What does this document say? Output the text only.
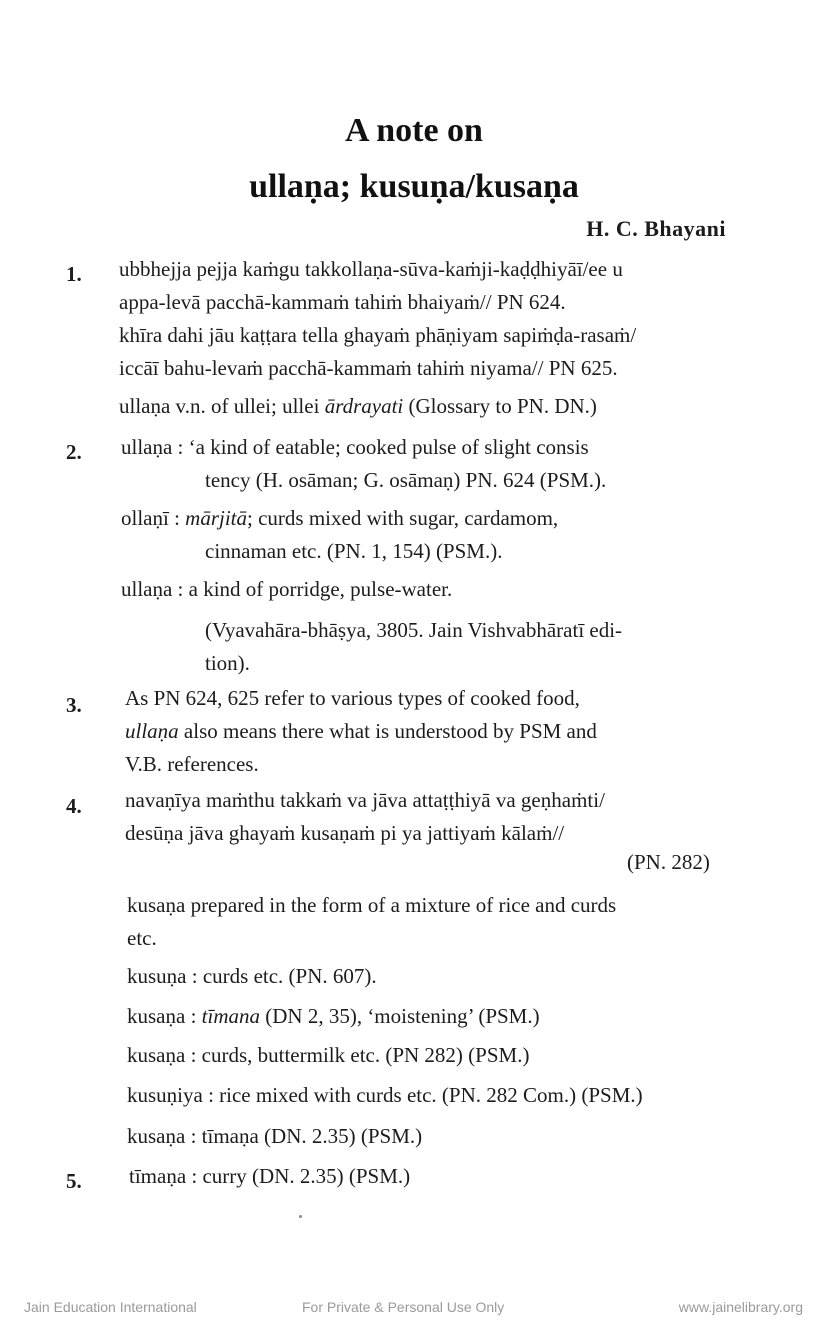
A note on
ullaṇa; kusuṇa/kusaṇa
H. C. Bhayani
1. ubbhejja pejja kaṁgu takkollaṇa-sūva-kaṁji-kaḍḍhiyāī/ee u
appa-levā pacchā-kammaṁ tahiṁ bhaiyaṁ// PN 624.
khīra dahi jāu kaṭṭara tella ghayaṁ phāṇiyam sapiṁḍa-rasaṁ/
iccāī bahu-levaṁ pacchā-kammaṁ tahiṁ niyama// PN 625.
ullaṇa v.n. of ullei; ullei ārdrayati (Glossary to PN. DN.)
2. ullaṇa : ‘a kind of eatable; cooked pulse of slight consis
tency (H. osāman; G. osāmaṇ) PN. 624 (PSM.).
ollaṇī : mārjitā; curds mixed with sugar, cardamom,
cinnaman etc. (PN. 1, 154) (PSM.).
ullaṇa : a kind of porridge, pulse-water.
(Vyavahāra-bhāṣya, 3805. Jain Vishvabhāratī edi-
tion).
3. As PN 624, 625 refer to various types of cooked food,
ullaṇa also means there what is understood by PSM and
V.B. references.
4. navaṇīya maṁthu takkaṁ va jāva attaṭṭhiyā va geṇhaṁti/
desūṇa jāva ghayaṁ kusaṇaṁ pi ya jattiyaṁ kālaṁ//
(PN. 282)
kusaṇa prepared in the form of a mixture of rice and curds
etc.
kusuṇa : curds etc. (PN. 607).
kusaṇa : tīmana (DN 2, 35), ‘moistening’ (PSM.)
kusaṇa : curds, buttermilk etc. (PN 282) (PSM.)
kusuṇiya : rice mixed with curds etc. (PN. 282 Com.) (PSM.)
kusaṇa : tīmaṇa (DN. 2.35) (PSM.)
5. tīmaṇa : curry (DN. 2.35) (PSM.)
Jain Education International	For Private & Personal Use Only	www.jainelibrary.org
